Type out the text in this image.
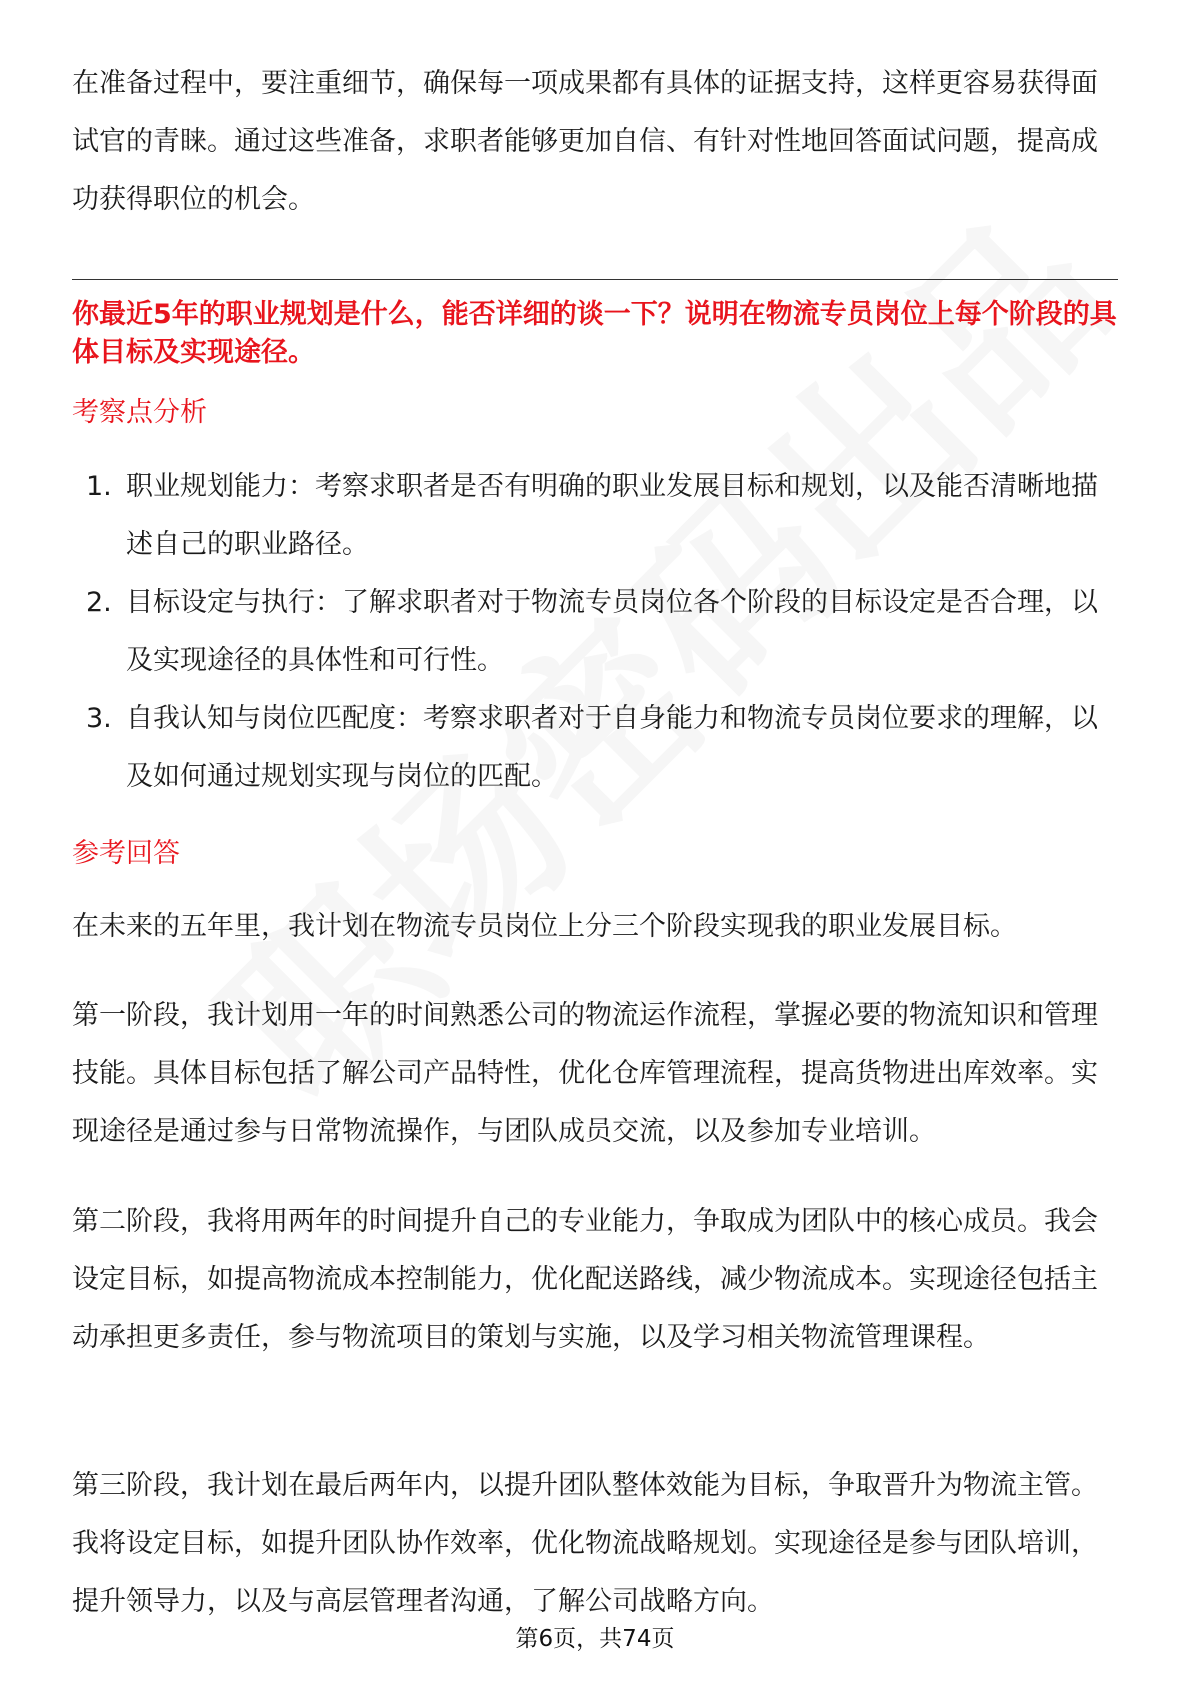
在准备过程中，要注重细节，确保每一项成果都有具体的证据支持，这样更容易获得面试官的青睐。通过这些准备，求职者能够更加自信、有针对性地回答面试问题，提高成功获得职位的机会。

你最近5年的职业规划是什么，能否详细的谈一下？说明在物流专员岗位上每个阶段的具体目标及实现途径。

考察点分析

1. 职业规划能力：考察求职者是否有明确的职业发展目标和规划，以及能否清晰地描述自己的职业路径。
2. 目标设定与执行：了解求职者对于物流专员岗位各个阶段的目标设定是否合理，以及实现途径的具体性和可行性。
3. 自我认知与岗位匹配度：考察求职者对于自身能力和物流专员岗位要求的理解，以及如何通过规划实现与岗位的匹配。

参考回答

在未来的五年里，我计划在物流专员岗位上分三个阶段实现我的职业发展目标。

第一阶段，我计划用一年的时间熟悉公司的物流运作流程，掌握必要的物流知识和管理技能。具体目标包括了解公司产品特性，优化仓库管理流程，提高货物进出库效率。实现途径是通过参与日常物流操作，与团队成员交流，以及参加专业培训。

第二阶段，我将用两年的时间提升自己的专业能力，争取成为团队中的核心成员。我会设定目标，如提高物流成本控制能力，优化配送路线，减少物流成本。实现途径包括主动承担更多责任，参与物流项目的策划与实施，以及学习相关物流管理课程。

第三阶段，我计划在最后两年内，以提升团队整体效能为目标，争取晋升为物流主管。我将设定目标，如提升团队协作效率，优化物流战略规划。实现途径是参与团队培训，提升领导力，以及与高层管理者沟通，了解公司战略方向。

第6页，共74页
